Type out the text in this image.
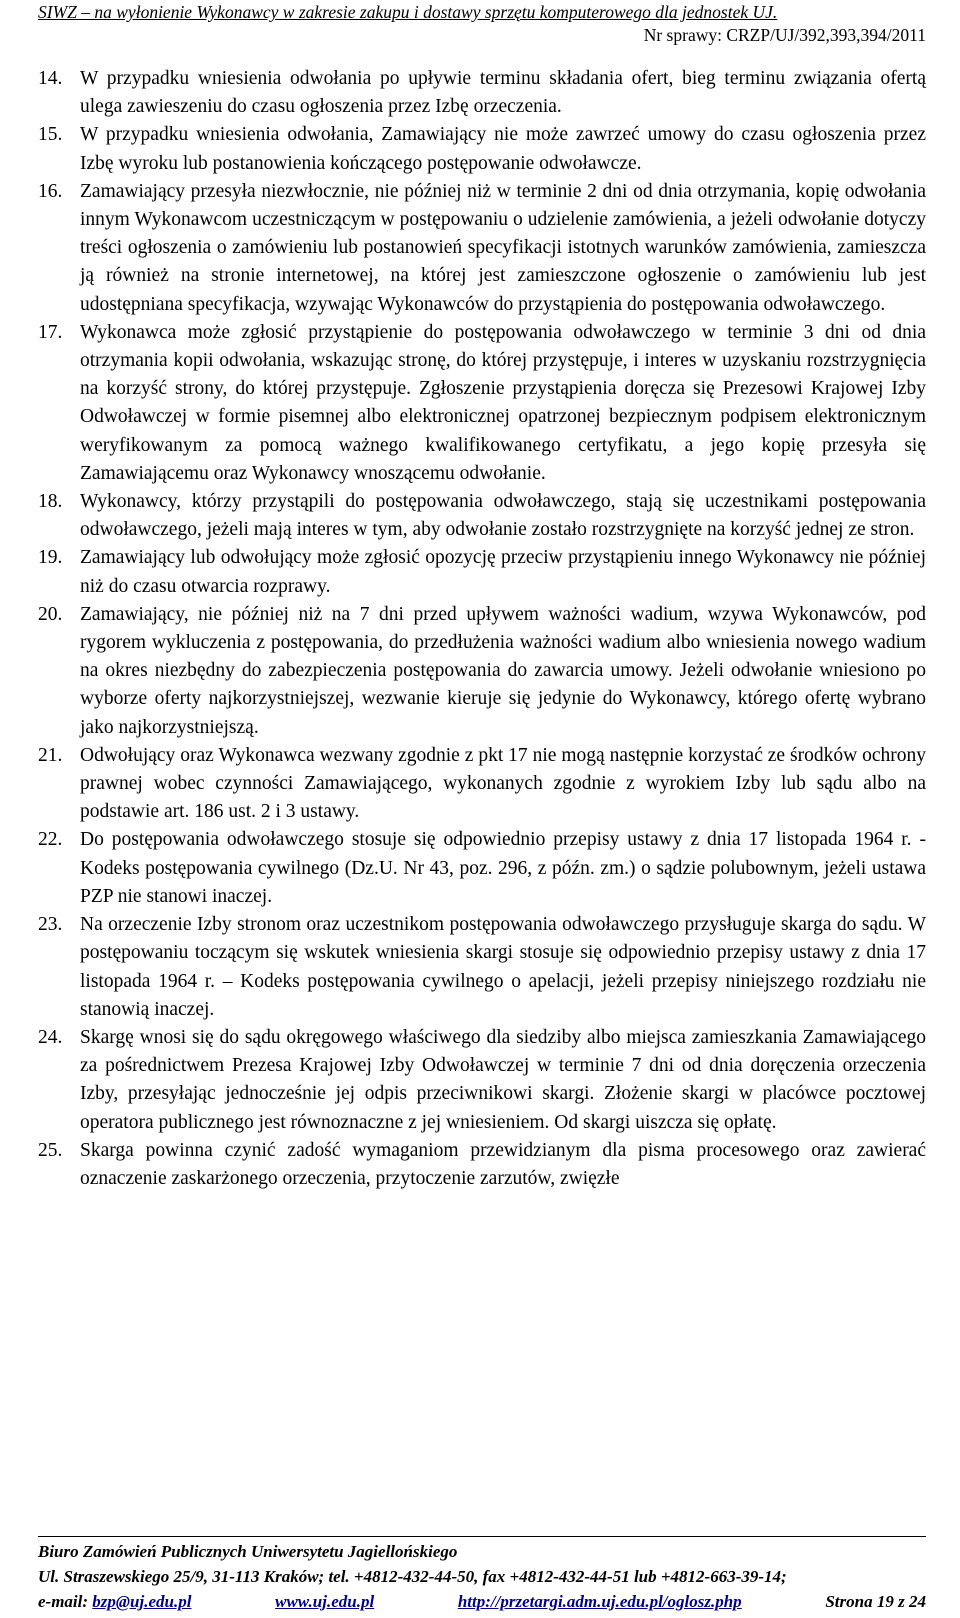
SIWZ – na wyłonienie Wykonawcy w zakresie zakupu i dostawy sprzętu komputerowego dla jednostek UJ.
Nr sprawy: CRZP/UJ/392,393,394/2011
14. W przypadku wniesienia odwołania po upływie terminu składania ofert, bieg terminu związania ofertą ulega zawieszeniu do czasu ogłoszenia przez Izbę orzeczenia.
15. W przypadku wniesienia odwołania, Zamawiający nie może zawrzeć umowy do czasu ogłoszenia przez Izbę wyroku lub postanowienia kończącego postępowanie odwoławcze.
16. Zamawiający przesyła niezwłocznie, nie później niż w terminie 2 dni od dnia otrzymania, kopię odwołania innym Wykonawcom uczestniczącym w postępowaniu o udzielenie zamówienia, a jeżeli odwołanie dotyczy treści ogłoszenia o zamówieniu lub postanowień specyfikacji istotnych warunków zamówienia, zamieszcza ją również na stronie internetowej, na której jest zamieszczone ogłoszenie o zamówieniu lub jest udostępniana specyfikacja, wzywając Wykonawców do przystąpienia do postępowania odwoławczego.
17. Wykonawca może zgłosić przystąpienie do postępowania odwoławczego w terminie 3 dni od dnia otrzymania kopii odwołania, wskazując stronę, do której przystępuje, i interes w uzyskaniu rozstrzygnięcia na korzyść strony, do której przystępuje. Zgłoszenie przystąpienia doręcza się Prezesowi Krajowej Izby Odwoławczej w formie pisemnej albo elektronicznej opatrzonej bezpiecznym podpisem elektronicznym weryfikowanym za pomocą ważnego kwalifikowanego certyfikatu, a jego kopię przesyła się Zamawiającemu oraz Wykonawcy wnoszącemu odwołanie.
18. Wykonawcy, którzy przystąpili do postępowania odwoławczego, stają się uczestnikami postępowania odwoławczego, jeżeli mają interes w tym, aby odwołanie zostało rozstrzygnięte na korzyść jednej ze stron.
19. Zamawiający lub odwołujący może zgłosić opozycję przeciw przystąpieniu innego Wykonawcy nie później niż do czasu otwarcia rozprawy.
20. Zamawiający, nie później niż na 7 dni przed upływem ważności wadium, wzywa Wykonawców, pod rygorem wykluczenia z postępowania, do przedłużenia ważności wadium albo wniesienia nowego wadium na okres niezbędny do zabezpieczenia postępowania do zawarcia umowy. Jeżeli odwołanie wniesiono po wyborze oferty najkorzystniejszej, wezwanie kieruje się jedynie do Wykonawcy, którego ofertę wybrano jako najkorzystniejszą.
21. Odwołujący oraz Wykonawca wezwany zgodnie z pkt 17 nie mogą następnie korzystać ze środków ochrony prawnej wobec czynności Zamawiającego, wykonanych zgodnie z wyrokiem Izby lub sądu albo na podstawie art. 186 ust. 2 i 3 ustawy.
22. Do postępowania odwoławczego stosuje się odpowiednio przepisy ustawy z dnia 17 listopada 1964 r. - Kodeks postępowania cywilnego (Dz.U. Nr 43, poz. 296, z późn. zm.) o sądzie polubownym, jeżeli ustawa PZP nie stanowi inaczej.
23. Na orzeczenie Izby stronom oraz uczestnikom postępowania odwoławczego przysługuje skarga do sądu. W postępowaniu toczącym się wskutek wniesienia skargi stosuje się odpowiednio przepisy ustawy z dnia 17 listopada 1964 r. – Kodeks postępowania cywilnego o apelacji, jeżeli przepisy niniejszego rozdziału nie stanowią inaczej.
24. Skargę wnosi się do sądu okręgowego właściwego dla siedziby albo miejsca zamieszkania Zamawiającego za pośrednictwem Prezesa Krajowej Izby Odwoławczej w terminie 7 dni od dnia doręczenia orzeczenia Izby, przesyłając jednocześnie jej odpis przeciwnikowi skargi. Złożenie skargi w placówce pocztowej operatora publicznego jest równoznaczne z jej wniesieniem. Od skargi uiszcza się opłatę.
25. Skarga powinna czynić zadość wymaganiom przewidzianym dla pisma procesowego oraz zawierać oznaczenie zaskarżonego orzeczenia, przytoczenie zarzutów, zwięzłe
Biuro Zamówień Publicznych Uniwersytetu Jagiellońskiego
Ul. Straszewskiego 25/9, 31-113 Kraków; tel. +4812-432-44-50, fax +4812-432-44-51 lub +4812-663-39-14;
e-mail: bzp@uj.edu.pl	www.uj.edu.pl	http://przetargi.adm.uj.edu.pl/oglosz.php	Strona 19 z 24
